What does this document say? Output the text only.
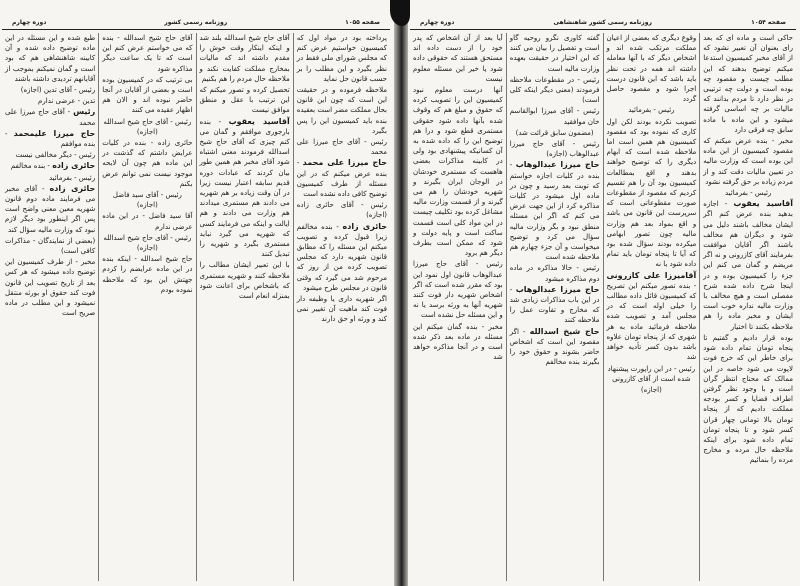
صفحه ۱۰۵۴
روزنامه رسمی کشور شاهنشاهی
دوره چهارم

حاکی است و ماده ای که بعد رای بعنوان آن تعبیر نشود که از آقای مخبر کمیسیون استدعا میکنم توضیح بدهند که این مطلب چیست و مقصود چه بوده است و دولت چه ترتیبی در نظر دارد تا مردم بدانند که مالیات بر چه اساسی گرفته میشود و این ماده با ماده سابق چه فرقی دارد

مخبر - بنده عرض میکنم که مقصود کمیسیون از این ماده این بوده است که وزارت مالیه در تعیین مالیات دقت کند و از مردم زیاده بر حق گرفته نشود

رئیس - بفرمائید

آقاسید یعقوب - اجازه بدهید بنده عرض کنم اگر ایشان مخالف باشند دلیل می شود و دیگران هم مخالف باشند اگر آقایان موافقت بفرمایند آقای کازرونی و نه اگر مریضم و گمان می کنم این جزء را کمیسیون بوده و در اینجا شرح داده شده شرح مفصلی است و هیچ مخالف با وزارت مالیه نداره خوب است ایشان و مخبر ماده را هم ملاحظه بکنند تا اختیار

بوده قرار دادیم و گفتیم تا پنجاه تومان تمام داده شود برای خاطر این که خرج فوت لاپوت می شود خاصه در این ممالک که محتاج انتظر گران است و با وجود نظر گرفتن اطراف قضایا و کسر بودجه مملکت دادیم که از پنجاه تومان بالا تومانی چهار قران کسر شود و تا پنجاه تومان تمام داده شود برای اینکه ملاحظه حال مرده و مخارج مرده را بنمائیم

وقوع دیگری که بعضی از اعیان مملکت مرتکب شده اند و اشخاص دیگر که با آنها معامله داشته اند همه در تحت نظر باید باشد که این قانون درست اجرا شود و مقصود حاصل گردد

رئیس - بفرمائید

تصویب نکرده بودند لکن اول کاری که نموده بود که مقصود کمیسیون هم همین است اما ملاحظه شده است که ابهام دیگری را که توضیح خواهند بدهند و اقع بمطالعات کمیسیون بود آن را هم تقسیم کردیم که مقصود از مقطوعات صورت مقطوعاتی است که سرپرست این قانون می باشد و اقع بمواد بعد هم وزارت مالیه چون تصور ابهامی میکرده بودند سؤال شده بود که آیا تا پنجاه تومان باید تمام داده شود یا نه

آقامیرزا علی کازرونی - بنده تصور میکنم این تصریح که کمیسیون قائل داده مطالب را خیلی اوله است که در مجلس آمد و تصویب شده ملاحظه فرمائید ماده به هر شهری که از پنجاه تومان علاوه باشد بدون کسر تأدیه خواهد شد

رئیس - در این راپورت پیشنهاد شده است از آقای کازرونی

(اجازه)

گفته کاوری نگرو روحیه گاو است و تفصیل را بیان می کنند که این اختیار در حقیقت بعهده وزارت مالیه است

رئیس - در مقطوعات ملاحظه فرمودند (معنی دیگر اینکه کلی است)

رئیس - آقای میرزا ابوالقاسم خان موافقید

(مضمون سابق قرائت شد)

رئیس - آقای حاج میرزا عبدالوهاب (اجازه)

حاج میرزا عبدالوهاب - بنده در کلیات اجازه خواستم که توبت بعد رسید و چون در ماده اول میشود در کلیات مذاکره کرد از این جهت عرض می کنم که اگر این مسئله منطق نبود و بگر وزارت مالیه سؤال می کرد و توضیح میخواست و آن جزء چهارم هم ملاحظه شده است

رئیس - حالا مذاکره در ماده دوم مذاکره میشود

حاج میرزا عبدالوهاب - در این باب مذاکرات زیادی شد که مخارج و تفاوت عمل را ملاحظه کنند

حاج شیخ اسدالله - اگر مقصود این است که اشخاص حاضر بشوند و حقوق خود را بگیرند بنده مخالفم

آیا بعد از آن اشخاص که پدر خود را از دست داده اند مستحق هستند که حقوقی داده شود یا خیر این مسئله معلوم نیست

آنها درست معلوم نبود کمیسیون این را تصویب کرده که حقوق و مبلغ هم که وقوف شده بآنها داده شود حقوقی مستمری قطع شود و درا هم توضیح این را که داده شده به آن کسانیکه پیشنهادی بود ولی در کابینه مذاکرات بعضی هاهست که مستمری خودشان در الوجان ایران بگیرند و شهریه خودشان را هم می گیرند و از قسمت وزارت مالیه مشاغل کرده بود تکلیف چیست در این مواد کلی است قسمت ساکت است و پایه دولت و شود که ممکن است بطرف دیگر هم برود

رئیس - آقای حاج میرزا عبدالوهاب قانون اول نمود این بود که مقرر شده است که اگر اشخاص شهریه دار فوت کنند شهریه آنها به ورثه برسد یا نه و این مسئله حل نشده است

مخبر - بنده گمان میکنم این مسئله در ماده بعد ذکر شده است و در آنجا مذاکره خواهد شد

صفحه ۱۰۵۵
روزنامه رسمی کشور
دوره چهارم

پرداخته بود در مواد اول که کمیسیون خواستیم عرض کنم که مجلس شورای ملی فقط در نظر بگیرد و این مطلب را بر حسب قانون حل نماید

ملاحظه فرموده و در حقیقت این است که چون این قانون بحال مملکت مضر است بعقیده بنده باید کمیسیون این را پس بگیرد

رئیس - آقای حاج میرزا علی محمد

حاج میرزا علی محمد - بنده عرض میکنم که در این مسئله از طرف کمیسیون توضیح کافی داده نشده است

رئیس - آقای حائری زاده (اجازه)

حائری زاده - بنده مخالفم زیرا قبول کرده و تصویب میکنم این مسئله را که مطابق قانون شهریه دارد که مجلس تصویب کرده من از روز که مرحوم شد می گیرد که وقتی قانون در مجلس طرح میشود

اگر شهریه داری یا وظیفه دار فوت کند ماهیت آن تغییر نمی کند و ورثه او حق دارند

آقای حاج شیخ اسدالله بلند شد و اینکه اینکار وقت خوش را مقدم داشته اند که مالیات بمخارج مملکت کفایت نکند و ملاحظه حال مردم را هم بکنیم

تحصیل کرده و تصور میکنم که این ترتیب با عقل و منطق موافق نیست

آقاسید یعقوب - بنده بارجوری موافقم و گمان می کنم چیزی که آقای حاج شیخ اسدالله فرمودند معنی اشتباه شود آقای مخبر هم همین طور بیان کردند که عبادات دوره قدیم سابقه اعتبار نیست زیرا در آن وقت زیاده بر هم شهریه می دادند هم مستمری میدادند هم وزارت می دادند و هم ایالت و اینکه می فرمایند کسی که شهریه می گیرد نباید مستمری بگیرد و شهریه را تبدیل کنند

با این تعبیر ایشان مطالب را ملاحظه کنند و شهریه مستمری که باشخاص برای اعانت شود بمنزله انعام است

آقای حاج شیخ اسدالله - بنده که می خواستم عرض کنم این است که تا یک ساعت دیگر مذاکره شود

بی ترتیب که در کمیسیون بوده است و بعضی از آقایان در آنجا حاضر نبوده اند و الان هم اظهار عقیده می کنند

رئیس - آقای حاج شیخ اسدالله (اجازه)

حائری زاده - بنده در کلیات عرایض داشتم که گذشت در این ماده هم چون آن لایحه موجود نیست نمی توانم عرض بکنم

رئیس - آقای سید فاضل (اجازه)

آقا سید فاضل - در این ماده عرضی ندارم

رئیس - آقای حاج شیخ اسدالله (اجازه)

حاج شیخ اسدالله - اینکه بنده در این ماده عرایضم را کردم جهتش این بود که ملاحظه نموده بودم

طبع شده و این مسئله در این ماده توضیح داده شده و آن کابینه شاهنشاهی هم که بود است و گمان نمیکنم بموجب از آقایانهم تردیدی داشته باشند

رئیس - آقای تدین (اجازه)

تدین - عرضی ندارم

رئیس - آقای حاج میرزا علی محمد

حاج میرزا علیمحمد - بنده موافقم

رئیس - دیگر مخالفی نیست

حائری زاده - بنده مخالفم

رئیس - بفرمائید

حائری زاده - آقای مخبر می فرمایند ماده دوم قانون شهریه معین معنی واضح است پس اگر اینطور بود دیگر لازم نبود که وزارت مالیه سؤال کند

(بعضی از نمایندگان - مذاکرات کافی است)

مخبر - از طرف کمیسیون این توضیح داده میشود که هر کس بعد از تاریخ تصویب این قانون فوت کند حقوق او بورثه منتقل نمیشود و این مطلب در ماده صریح است
